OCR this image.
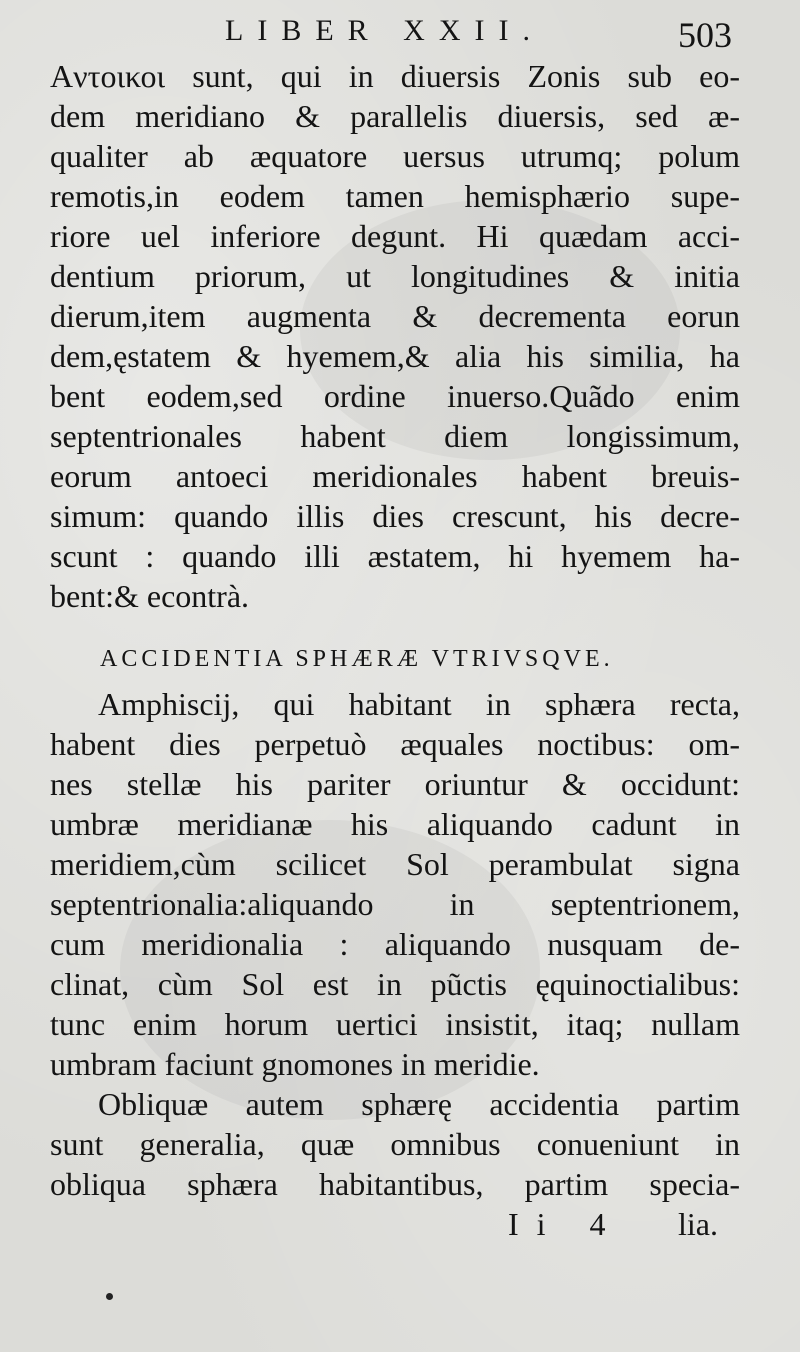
LIBER XXII.	503
Aντοικοι sunt, qui in diuersis Zonis sub eo-
dem meridiano & parallelis diuersis, sed æ-
qualiter ab æquatore uersus utrumq; polum
remotis,in eodem tamen hemisphærio supe-
riore uel inferiore degunt. Hi quædam acci-
dentium priorum, ut longitudines & initia
dierum,item augmenta & decrementa eorun
dem,ęstatem & hyemem,& alia his similia, ha
bent eodem,sed ordine inuerso.Quãdo enim
septentrionales habent diem longissimum,
eorum antoeci meridionales habent breuis-
simum: quando illis dies crescunt, his decre-
scunt : quando illi æstatem, hi hyemem ha-
bent:& econtrà.
ACCIDENTIA SPHÆRÆ VTRIVSQVE.
Amphiscij, qui habitant in sphæra recta,
habent dies perpetuò æquales noctibus: om-
nes stellæ his pariter oriuntur & occidunt:
umbræ meridianæ his aliquando cadunt in
meridiem,cùm scilicet Sol perambulat signa
septentrionalia:aliquando in septentrionem,
cum meridionalia : aliquando nusquam de-
clinat, cùm Sol est in pũctis ęquinoctialibus:
tunc enim horum uertici insistit, itaq; nullam
umbram faciunt gnomones in meridie.
Obliquæ autem sphærę accidentia partim
sunt generalia, quæ omnibus conueniunt in
obliqua sphæra habitantibus, partim specia-
Ii 4 lia.
